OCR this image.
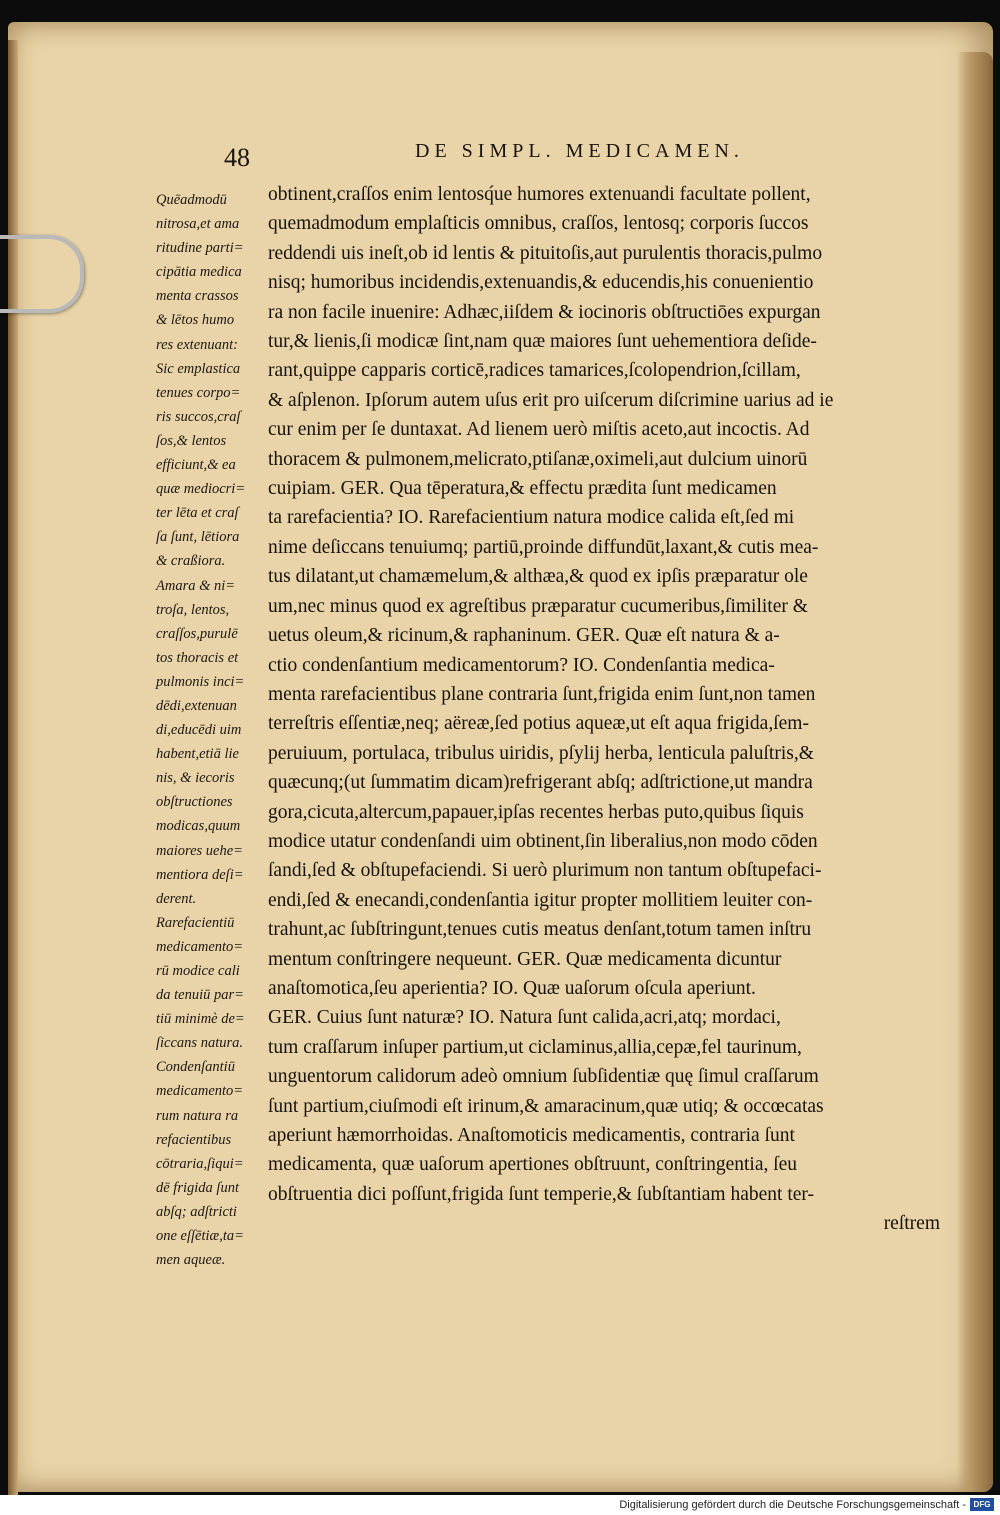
48	DE SIMPL. MEDICAMEN.
Quēadmodū
nitrosa,et ama
ritudine parti=
cipātia medica
menta crassos
& lētos humo
res extenuant:
Sic emplastica
tenues corpo=
ris succos,craſ
ſos,& lentos
efficiunt,& ea
quæ mediocri=
ter lēta et craſ
ſa ſunt, lētiora
& craßiora.
Amara & ni=
troſa, lentos,
craſſos,purulē
tos thoracis et
pulmonis inci=
dēdi,extenuan
di,educēdi uim
habent,etiā lie
nis, & iecoris
obſtructiones
modicas,quum
maiores uehe=
mentiora deſi=
derent.
Rarefacientiū
medicamento=
rū modice cali
da tenuiū par=
tiū minimè de=
ſiccans natura.
Condenſantiū
medicamento=
rum natura ra
refacientibus
cōtraria,ſiqui=
dē frigida ſunt
abſq; adſtricti
one eſſētiæ,ta=
men aqueæ.
obtinent,craſſos enim lentosq́ue humores extenuandi facultate pollent,
quemadmodum emplaſticis omnibus, craſſos, lentosq; corporis ſuccos
reddendi uis ineſt,ob id lentis & pituitoſis,aut purulentis thoracis,pulmo
nisq; humoribus incidendis,extenuandis,& educendis,his conuenientio
ra non facile inuenire: Adhæc,iiſdem & iocinoris obſtructiōes expurgan
tur,& lienis,ſi modicæ ſint,nam quæ maiores ſunt uehementiora deſide-
rant,quippe capparis corticē,radices tamarices,ſcolopendrion,ſcillam,
& aſplenon. Ipſorum autem uſus erit pro uiſcerum diſcrimine uarius ad ie
cur enim per ſe duntaxat. Ad lienem uerò miſtis aceto,aut incoctis. Ad
thoracem & pulmonem,melicrato,ptiſanæ,oximeli,aut dulcium uinorū
cuipiam. GER. Qua tēperatura,& effectu prædita ſunt medicamen
ta rarefacientia? IO. Rarefacientium natura modice calida eſt,ſed mi
nime deſiccans tenuiumq; partiū,proinde diffundūt,laxant,& cutis mea-
tus dilatant,ut chamæmelum,& althæa,& quod ex ipſis præparatur ole
um,nec minus quod ex agreſtibus præparatur cucumeribus,ſimiliter &
uetus oleum,& ricinum,& raphaninum. GER. Quæ eſt natura & a-
ctio condenſantium medicamentorum? IO. Condenſantia medica-
menta rarefacientibus plane contraria ſunt,frigida enim ſunt,non tamen
terreſtris eſſentiæ,neq; aëreæ,ſed potius aqueæ,ut eſt aqua frigida,ſem-
peruiuum, portulaca, tribulus uiridis, pſylij herba, lenticula paluſtris,&
quæcunq;(ut ſummatim dicam)refrigerant abſq; adſtrictione,ut mandra
gora,cicuta,altercum,papauer,ipſas recentes herbas puto,quibus ſiquis
modice utatur condenſandi uim obtinent,ſin liberalius,non modo cōden
ſandi,ſed & obſtupefaciendi. Si uerò plurimum non tantum obſtupefaci-
endi,ſed & enecandi,condenſantia igitur propter mollitiem leuiter con-
trahunt,ac ſubſtringunt,tenues cutis meatus denſant,totum tamen inſtru
mentum conſtringere nequeunt. GER. Quæ medicamenta dicuntur
anaſtomotica,ſeu aperientia? IO. Quæ uaſorum oſcula aperiunt.
GER. Cuius ſunt naturæ? IO. Natura ſunt calida,acri,atq; mordaci,
tum craſſarum inſuper partium,ut ciclaminus,allia,cepæ,fel taurinum,
unguentorum calidorum adeò omnium ſubſidentiæ quę ſimul craſſarum
ſunt partium,ciuſmodi eſt irinum,& amaracinum,quæ utiq; & occœcatas
aperiunt hæmorrhoidas. Anaſtomoticis medicamentis, contraria ſunt
medicamenta, quæ uaſorum apertiones obſtruunt, conſtringentia, ſeu
obſtruentia dici poſſunt,frigida ſunt temperie,& ſubſtantiam habent ter-
reſtrem
Digitalisierung gefördert durch die Deutsche Forschungsgemeinschaft - DFG
